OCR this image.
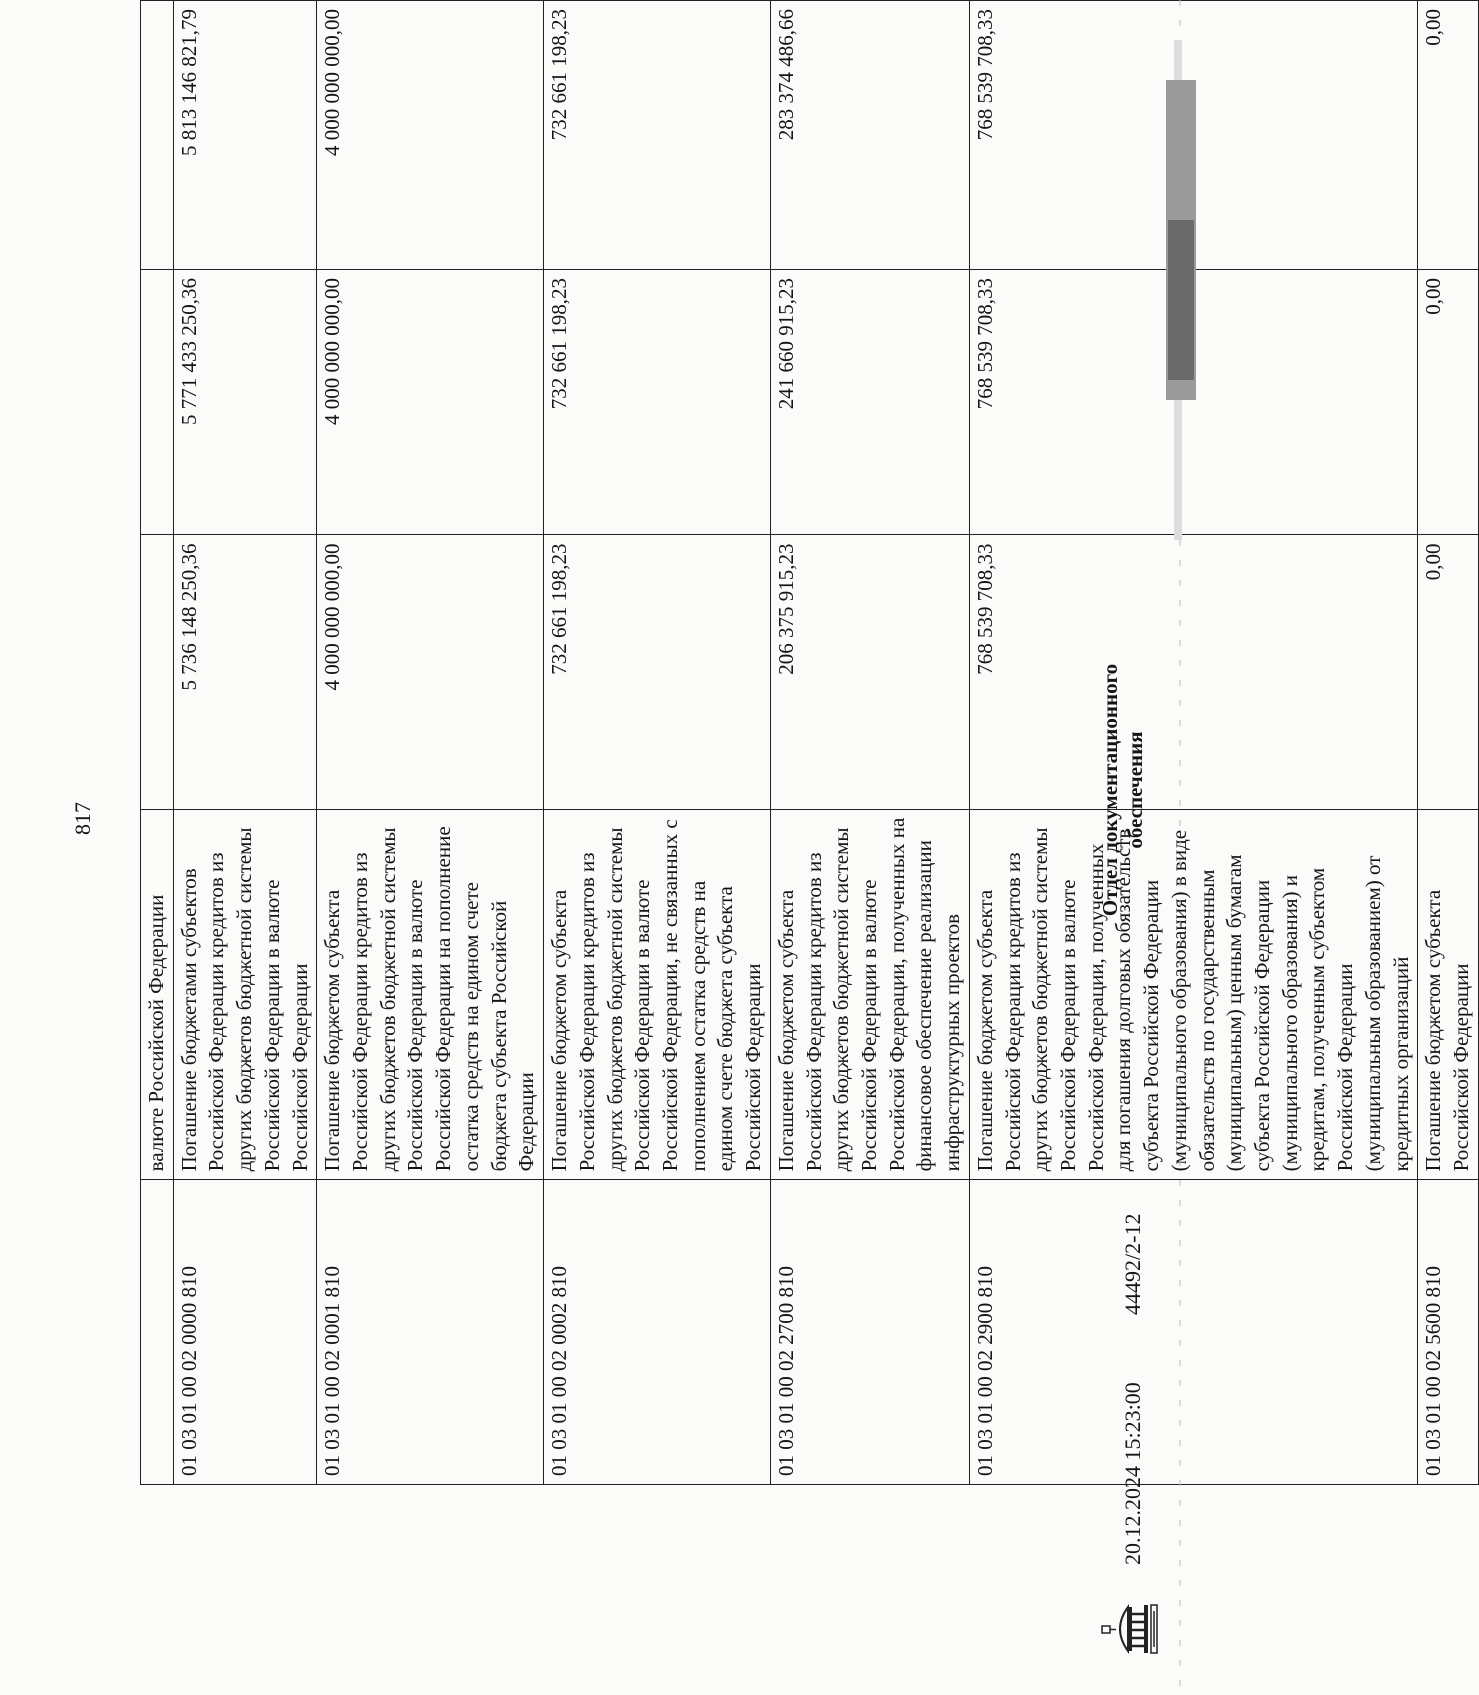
817
	валюте Российской Федерации			
01 03 01 00 02 0000 810	Погашение бюджетами субъектов Российской Федерации кредитов из других бюджетов бюджетной системы Российской Федерации в валюте Российской Федерации	5 736 148 250,36	5 771 433 250,36	5 813 146 821,79
01 03 01 00 02 0001 810	Погашение бюджетом субъекта Российской Федерации кредитов из других бюджетов бюджетной системы Российской Федерации в валюте Российской Федерации на пополнение остатка средств на едином счете бюджета субъекта Российской Федерации	4 000 000 000,00	4 000 000 000,00	4 000 000 000,00
01 03 01 00 02 0002 810	Погашение бюджетом субъекта Российской Федерации кредитов из других бюджетов бюджетной системы Российской Федерации в валюте Российской Федерации, не связанных с пополнением остатка средств на едином счете бюджета субъекта Российской Федерации	732 661 198,23	732 661 198,23	732 661 198,23
01 03 01 00 02 2700 810	Погашение бюджетом субъекта Российской Федерации кредитов из других бюджетов бюджетной системы Российской Федерации в валюте Российской Федерации, полученных на финансовое обеспечение реализации инфраструктурных проектов	206 375 915,23	241 660 915,23	283 374 486,66
01 03 01 00 02 2900 810	Погашение бюджетом субъекта Российской Федерации кредитов из других бюджетов бюджетной системы Российской Федерации в валюте Российской Федерации, полученных для погашения долговых обязательств субъекта Российской Федерации (муниципального образования) в виде обязательств по государственным (муниципальным) ценным бумагам субъекта Российской Федерации (муниципального образования) и кредитам, полученным субъектом Российской Федерации (муниципальным образованием) от кредитных организаций	768 539 708,33	768 539 708,33	768 539 708,33
01 03 01 00 02 5600 810	Погашение бюджетом субъекта Российской Федерации	0,00	0,00	0,00
20.12.2024 15:23:00
44492/2-12
Отдел документационного обеспечения
